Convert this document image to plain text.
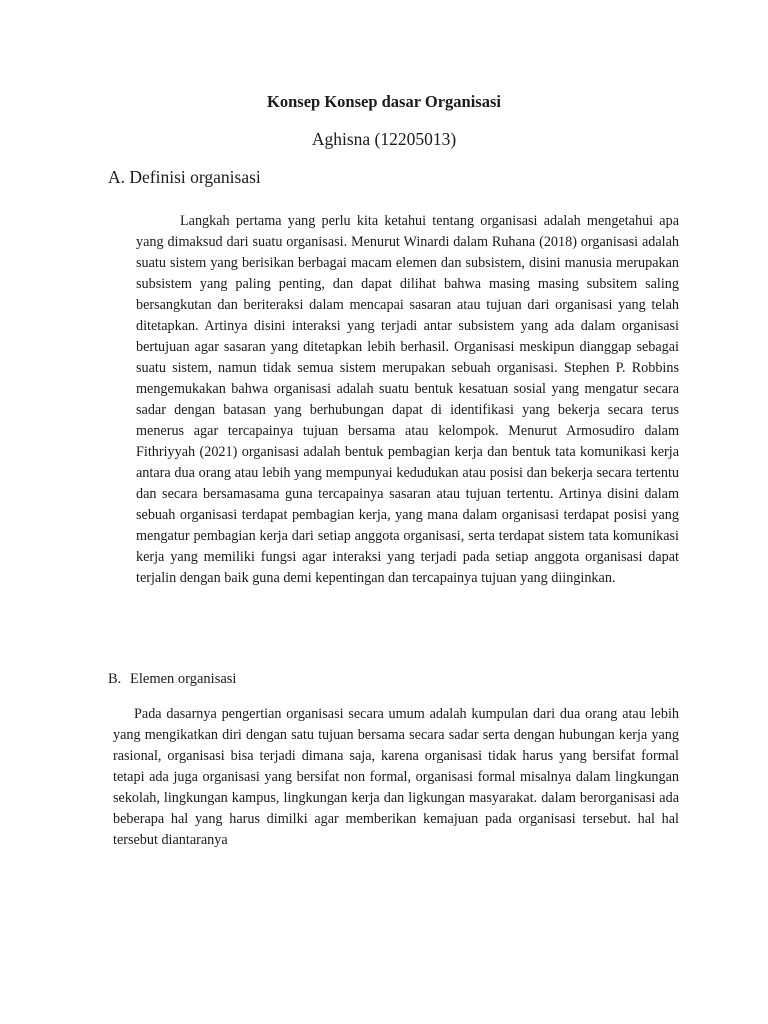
Konsep Konsep dasar Organisasi

Aghisna (12205013)

A. Definisi organisasi

Langkah pertama yang perlu kita ketahui tentang organisasi adalah mengetahui apa yang dimaksud dari suatu organisasi. Menurut Winardi dalam Ruhana (2018) organisasi adalah suatu sistem yang berisikan berbagai macam elemen dan subsistem, disini manusia merupakan subsistem yang paling penting, dan dapat dilihat bahwa masing masing subsitem saling bersangkutan dan beriteraksi dalam mencapai sasaran atau tujuan dari organisasi yang telah ditetapkan. Artinya disini interaksi yang terjadi antar subsistem yang ada dalam organisasi bertujuan agar sasaran yang ditetapkan lebih berhasil. Organisasi meskipun dianggap sebagai suatu sistem, namun tidak semua sistem merupakan sebuah organisasi. Stephen P. Robbins mengemukakan bahwa organisasi adalah suatu bentuk kesatuan sosial yang mengatur secara sadar dengan batasan yang berhubungan dapat di identifikasi yang bekerja secara terus menerus agar tercapainya tujuan bersama atau kelompok. Menurut Armosudiro dalam Fithriyyah (2021) organisasi adalah bentuk pembagian kerja dan bentuk tata komunikasi kerja antara dua orang atau lebih yang mempunyai kedudukan atau posisi dan bekerja secara tertentu dan secara bersamasama guna tercapainya sasaran atau tujuan tertentu. Artinya disini dalam sebuah organisasi terdapat pembagian kerja, yang mana dalam organisasi terdapat posisi yang mengatur pembagian kerja dari setiap anggota organisasi, serta terdapat sistem tata komunikasi kerja yang memiliki fungsi agar interaksi yang terjadi pada setiap anggota organisasi dapat terjalin dengan baik guna demi kepentingan dan tercapainya tujuan yang diinginkan.

B. Elemen organisasi

Pada dasarnya pengertian organisasi secara umum adalah kumpulan dari dua orang atau lebih yang mengikatkan diri dengan satu tujuan bersama secara sadar serta dengan hubungan kerja yang rasional, organisasi bisa terjadi dimana saja, karena organisasi tidak harus yang bersifat formal tetapi ada juga organisasi yang bersifat non formal, organisasi formal misalnya dalam lingkungan sekolah, lingkungan kampus, lingkungan kerja dan ligkungan masyarakat. dalam berorganisasi ada beberapa hal yang harus dimilki agar memberikan kemajuan pada organisasi tersebut. hal hal tersebut diantaranya
